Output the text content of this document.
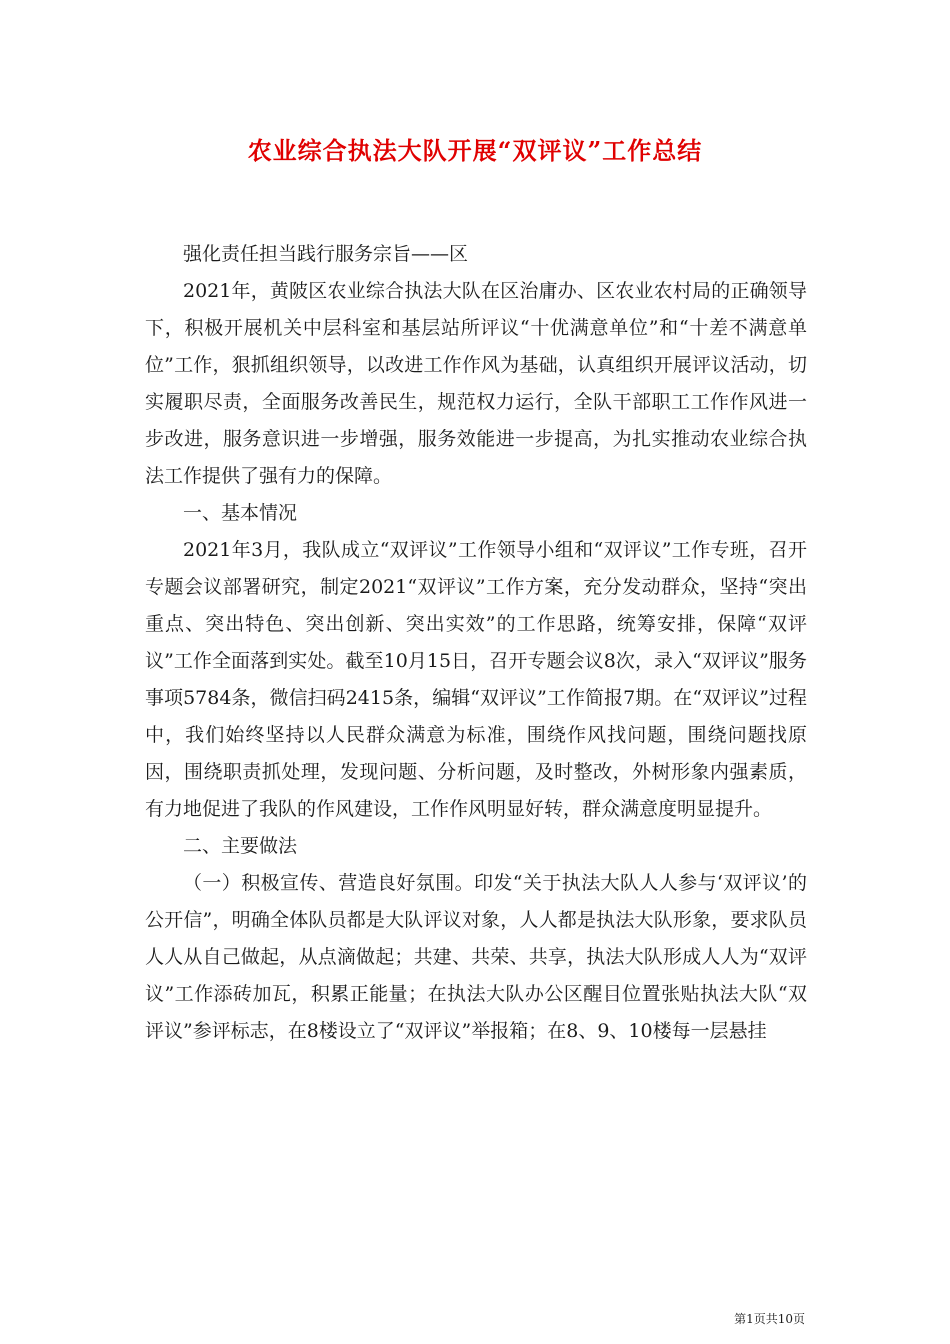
农业综合执法大队开展“双评议”工作总结

强化责任担当践行服务宗旨——区

2021年，黄陂区农业综合执法大队在区治庸办、区农业农村局的正确领导下，积极开展机关中层科室和基层站所评议“十优满意单位”和“十差不满意单位”工作，狠抓组织领导，以改进工作作风为基础，认真组织开展评议活动，切实履职尽责，全面服务改善民生，规范权力运行，全队干部职工工作作风进一步改进，服务意识进一步增强，服务效能进一步提高，为扎实推动农业综合执法工作提供了强有力的保障。

一、基本情况

2021年3月，我队成立“双评议”工作领导小组和“双评议”工作专班，召开专题会议部署研究，制定2021“双评议”工作方案，充分发动群众，坚持“突出重点、突出特色、突出创新、突出实效”的工作思路，统筹安排，保障“双评议”工作全面落到实处。截至10月15日，召开专题会议8次，录入“双评议”服务事项5784条，微信扫码2415条，编辑“双评议”工作简报7期。在“双评议”过程中，我们始终坚持以人民群众满意为标准，围绕作风找问题，围绕问题找原因，围绕职责抓处理，发现问题、分析问题，及时整改，外树形象内强素质，有力地促进了我队的作风建设，工作作风明显好转，群众满意度明显提升。

二、主要做法

（一）积极宣传、营造良好氛围。印发“关于执法大队人人参与‘双评议’的公开信”，明确全体队员都是大队评议对象，人人都是执法大队形象，要求队员人人从自己做起，从点滴做起；共建、共荣、共享，执法大队形成人人为“双评议”工作添砖加瓦，积累正能量；在执法大队办公区醒目位置张贴执法大队“双评议”参评标志，在8楼设立了“双评议”举报箱；在8、9、10楼每一层悬挂

第1页共10页
